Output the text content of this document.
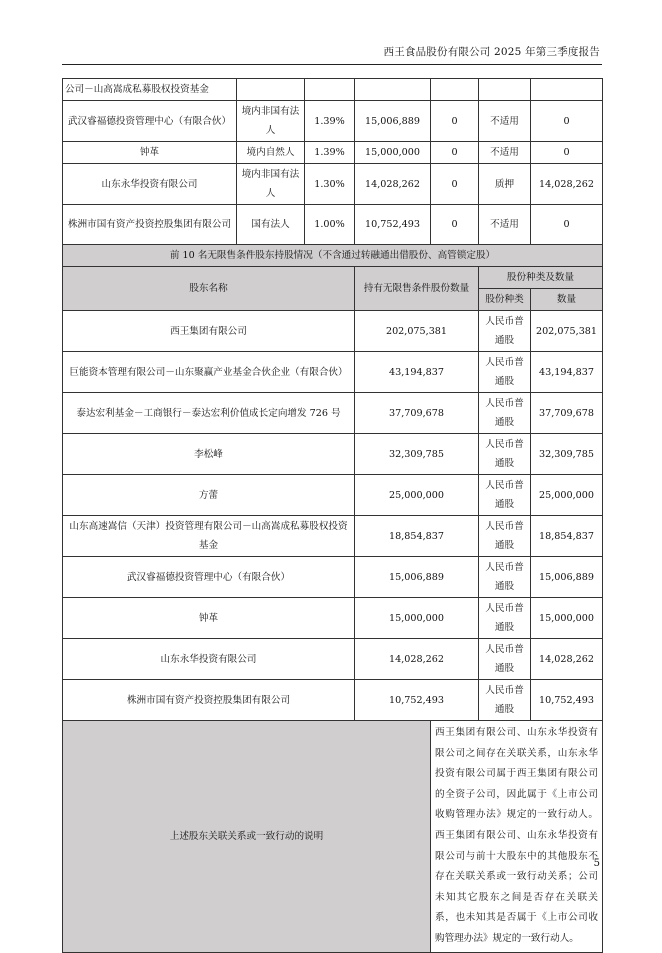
西王食品股份有限公司 2025 年第三季度报告
公司－山高嵩成私募股权投资基金						
武汉睿福德投资管理中心（有限合伙）	境内非国有法人	1.39%	15,006,889	0	不适用	0
钟革	境内自然人	1.39%	15,000,000	0	不适用	0
山东永华投资有限公司	境内非国有法人	1.30%	14,028,262	0	质押	14,028,262
株洲市国有资产投资控股集团有限公司	国有法人	1.00%	10,752,493	0	不适用	0
前 10 名无限售条件股东持股情况（不含通过转融通出借股份、高管锁定股）						
股东名称			持有无限售条件股份数量		股份种类及数量	
					股份种类	数量
西王集团有限公司			202,075,381		人民币普通股	202,075,381
巨能资本管理有限公司－山东聚赢产业基金合伙企业（有限合伙）			43,194,837		人民币普通股	43,194,837
泰达宏利基金－工商银行－泰达宏利价值成长定向增发 726 号			37,709,678		人民币普通股	37,709,678
李松峰			32,309,785		人民币普通股	32,309,785
方蕾			25,000,000		人民币普通股	25,000,000
山东高速嵩信（天津）投资管理有限公司－山高嵩成私募股权投资基金			18,854,837		人民币普通股	18,854,837
武汉睿福德投资管理中心（有限合伙）			15,006,889		人民币普通股	15,006,889
钟革			15,000,000		人民币普通股	15,000,000
山东永华投资有限公司			14,028,262		人民币普通股	14,028,262
株洲市国有资产投资控股集团有限公司			10,752,493		人民币普通股	10,752,493
上述股东关联关系或一致行动的说明				西王集团有限公司、山东永华投资有限公司之间存在关联关系，山东永华投资有限公司属于西王集团有限公司的全资子公司，因此属于《上市公司收购管理办法》规定的一致行动人。西王集团有限公司、山东永华投资有限公司与前十大股东中的其他股东不存在关联关系或一致行动关系；公司未知其它股东之间是否存在关联关系，也未知其是否属于《上市公司收购管理办法》规定的一致行动人。		
5
